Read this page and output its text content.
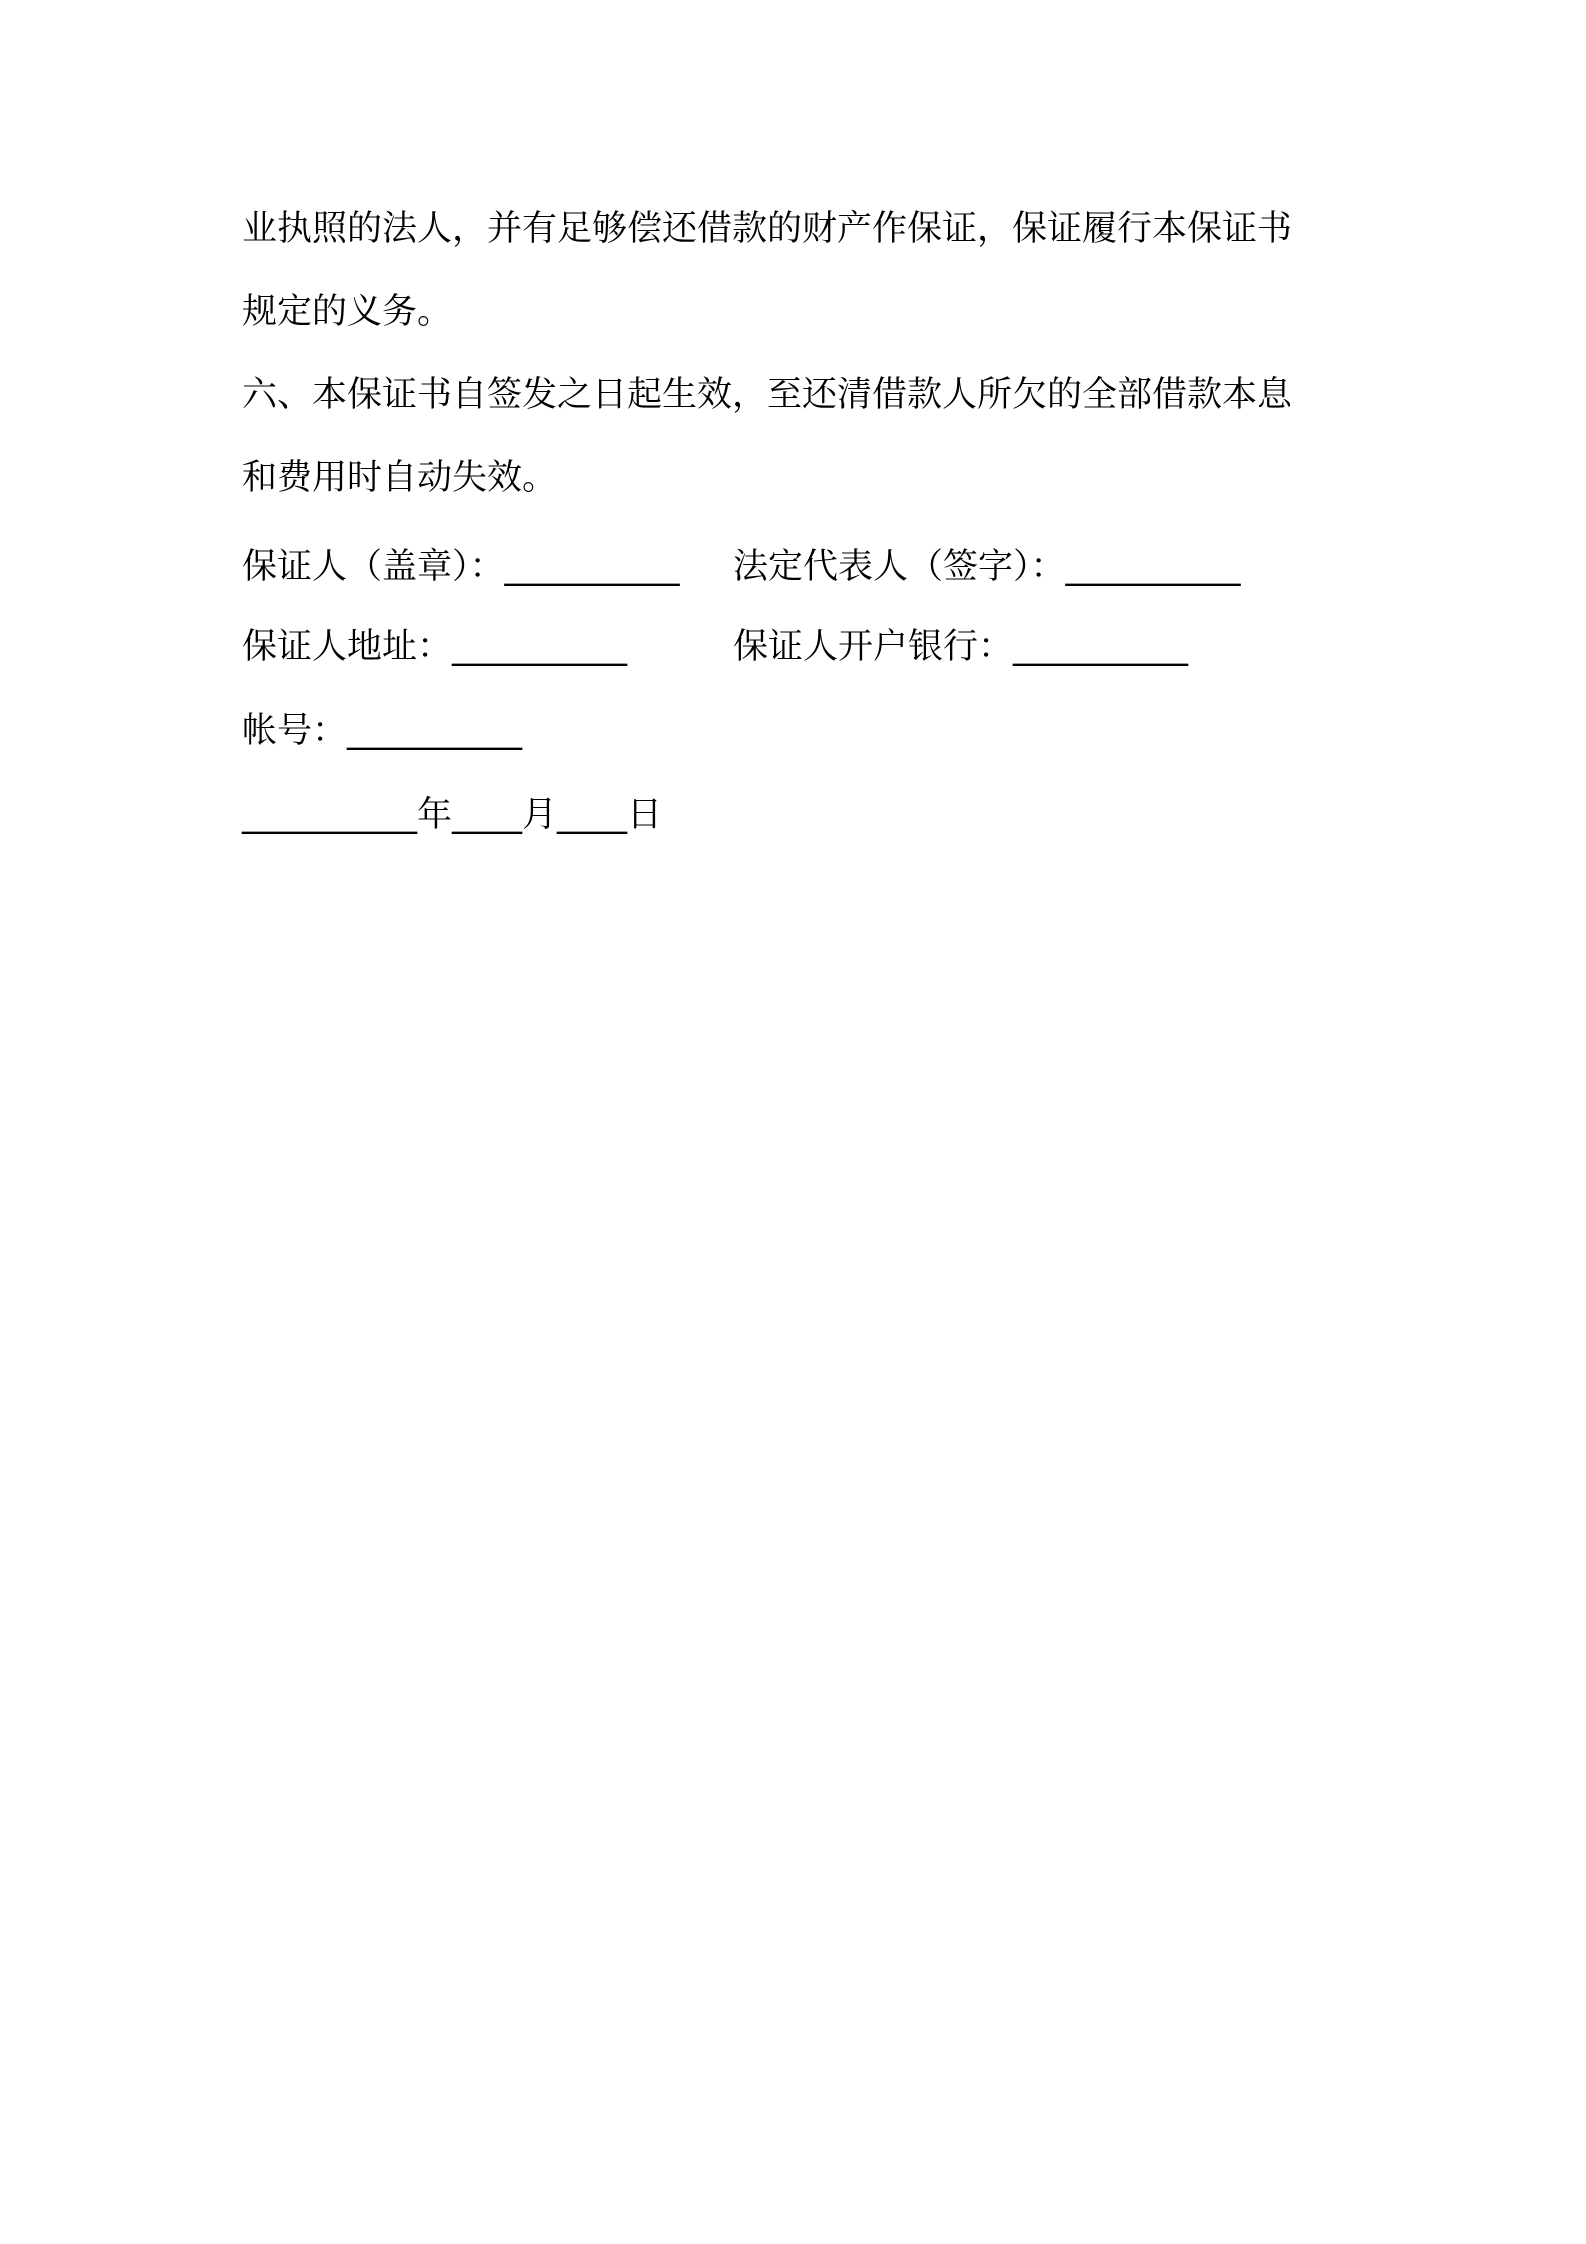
业执照的法人，并有足够偿还借款的财产作保证，保证履行本保证书
规定的义务。
六、本保证书自签发之日起生效，至还清借款人所欠的全部借款本息
和费用时自动失效。
保证人（盖章）：__________ 法定代表人（签字）：__________
保证人地址：__________	保证人开户银行：__________
帐号：__________
__________年____月____日
